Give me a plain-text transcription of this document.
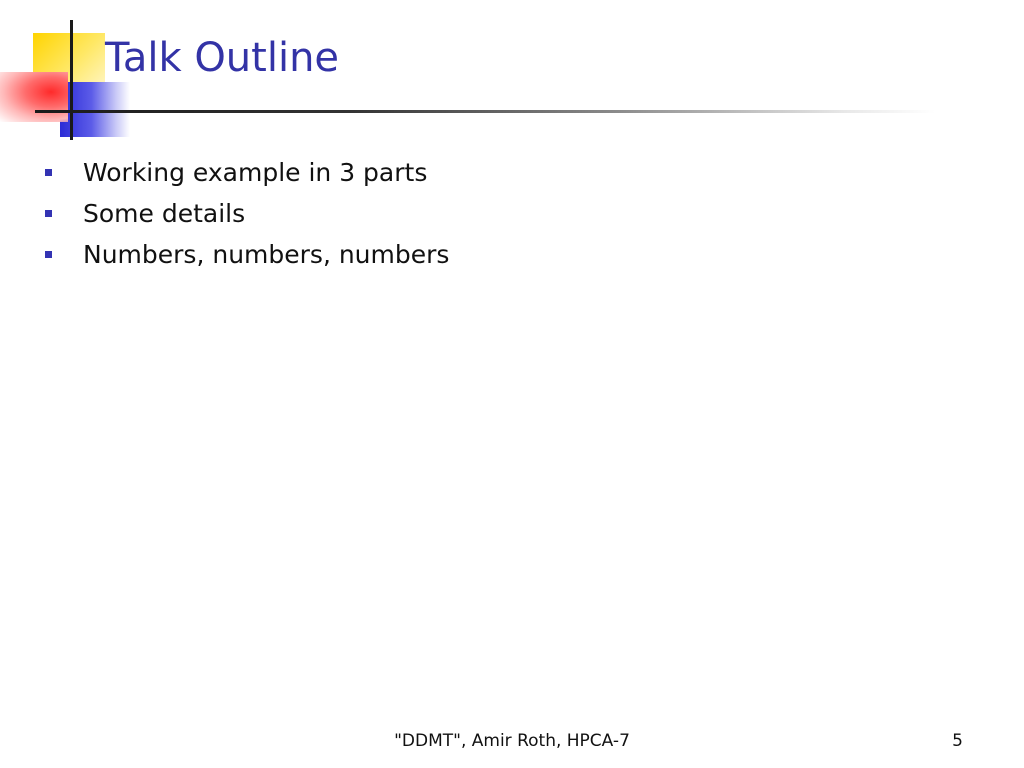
Talk Outline
Working example in 3 parts
Some details
Numbers, numbers, numbers
"DDMT", Amir Roth, HPCA-7	5
